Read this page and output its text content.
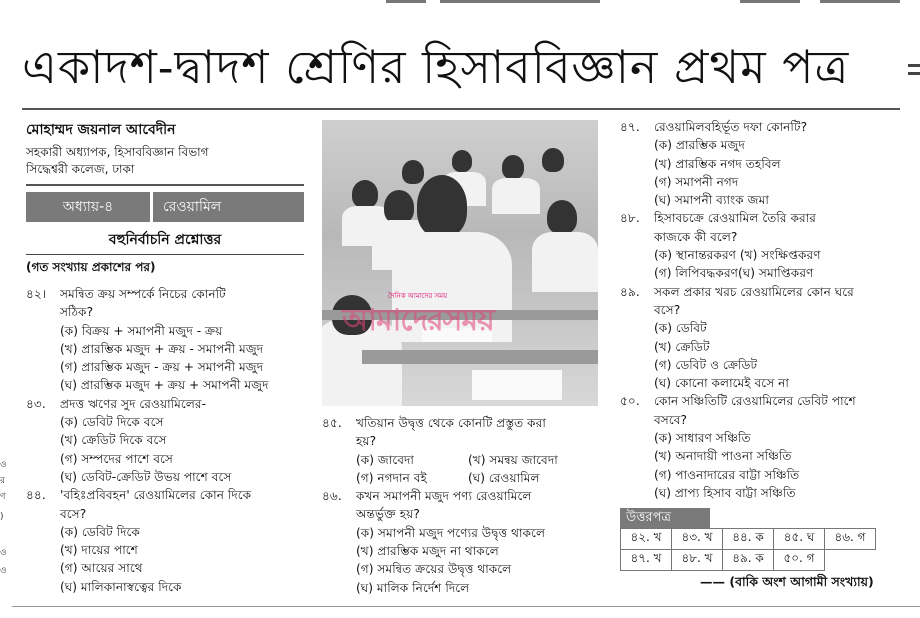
ও
র
ণ
)
ও
ও
একাদশ-দ্বাদশ শ্রেণির হিসাববিজ্ঞান প্রথম পত্র
মোহাম্মদ জয়নাল আবেদীন
সহকারী অধ্যাপক, হিসাববিজ্ঞান বিভাগ
সিদ্ধেশ্বরী কলেজ, ঢাকা
অধ্যায়-৪	রেওয়ামিল
বহুনির্বাচনি প্রশ্নোত্তর
(গত সংখ্যায় প্রকাশের পর)
৪২।	সমন্বিত ক্রয় সম্পর্কে নিচের কোনটি
সঠিক?
(ক) বিক্রয় + সমাপনী মজুদ - ক্রয়
(খ) প্রারম্ভিক মজুদ + ক্রয় - সমাপনী মজুদ
(গ) প্রারম্ভিক মজুদ - ক্রয় + সমাপনী মজুদ
(ঘ) প্রারম্ভিক মজুদ + ক্রয় + সমাপনী মজুদ
৪৩.	প্রদত্ত ঋণের সুদ রেওয়ামিলের-
(ক) ডেবিট দিকে বসে
(খ) ক্রেডিট দিকে বসে
(গ) সম্পদের পাশে বসে
(ঘ) ডেবিট-ক্রেডিট উভয় পাশে বসে
৪৪.	'বহিঃপ্রবিবহন' রেওয়ামিলের কোন দিকে
বসে?
(ক) ডেবিট দিকে
(খ) দায়ের পাশে
(গ) আয়ের সাথে
(ঘ) মালিকানাস্বত্বের দিকে
দৈনিক আমাদের সময়
আমাদেরসময়
৪৫.	খতিয়ান উদ্বৃত্ত থেকে কোনটি প্রস্তুত করা
হয়?
(ক) জাবেদা	(খ) সমন্বয় জাবেদা
(গ) নগদান বই	(ঘ) রেওয়ামিল
৪৬.	কখন সমাপনী মজুদ পণ্য রেওয়ামিলে
অন্তর্ভুক্ত হয়?
(ক) সমাপনী মজুদ পণ্যের উদ্বৃত্ত থাকলে
(খ) প্রারম্ভিক মজুদ না থাকলে
(গ) সমন্বিত ক্রয়ের উদ্বৃত্ত থাকলে
(ঘ) মালিক নির্দেশ দিলে
৪৭.	রেওয়ামিলবহির্ভূত দফা কোনটি?
(ক) প্রারম্ভিক মজুদ
(খ) প্রারম্ভিক নগদ তহবিল
(গ) সমাপনী নগদ
(ঘ) সমাপনী ব্যাংক জমা
৪৮.	হিসাবচক্রে রেওয়ামিল তৈরি করার
কাজকে কী বলে?
(ক) স্থানান্তরকরণ (খ) সংক্ষিপ্তকরণ
(গ) লিপিবদ্ধকরণ(ঘ) সমাপ্তিকরণ
৪৯.	সকল প্রকার খরচ রেওয়ামিলের কোন ঘরে
বসে?
(ক) ডেবিট
(খ) ক্রেডিট
(গ) ডেবিট ও ক্রেডিট
(ঘ) কোনো কলামেই বসে না
৫০.	কোন সঞ্চিতিটি রেওয়ামিলের ডেবিট পাশে
বসবে?
(ক) সাধারণ সঞ্চিতি
(খ) অনাদায়ী পাওনা সঞ্চিতি
(গ) পাওনাদারের বাট্টা সঞ্চিতি
(ঘ) প্রাপ্য হিসাব বাট্টা সঞ্চিতি
উত্তরপত্র
৪২. খ	৪৩. খ	৪৪. ক	৪৫. ঘ	৪৬. গ
৪৭. খ	৪৮. খ	৪৯. ক	৫০. গ	
—— (বাকি অংশ আগামী সংখ্যায়)
